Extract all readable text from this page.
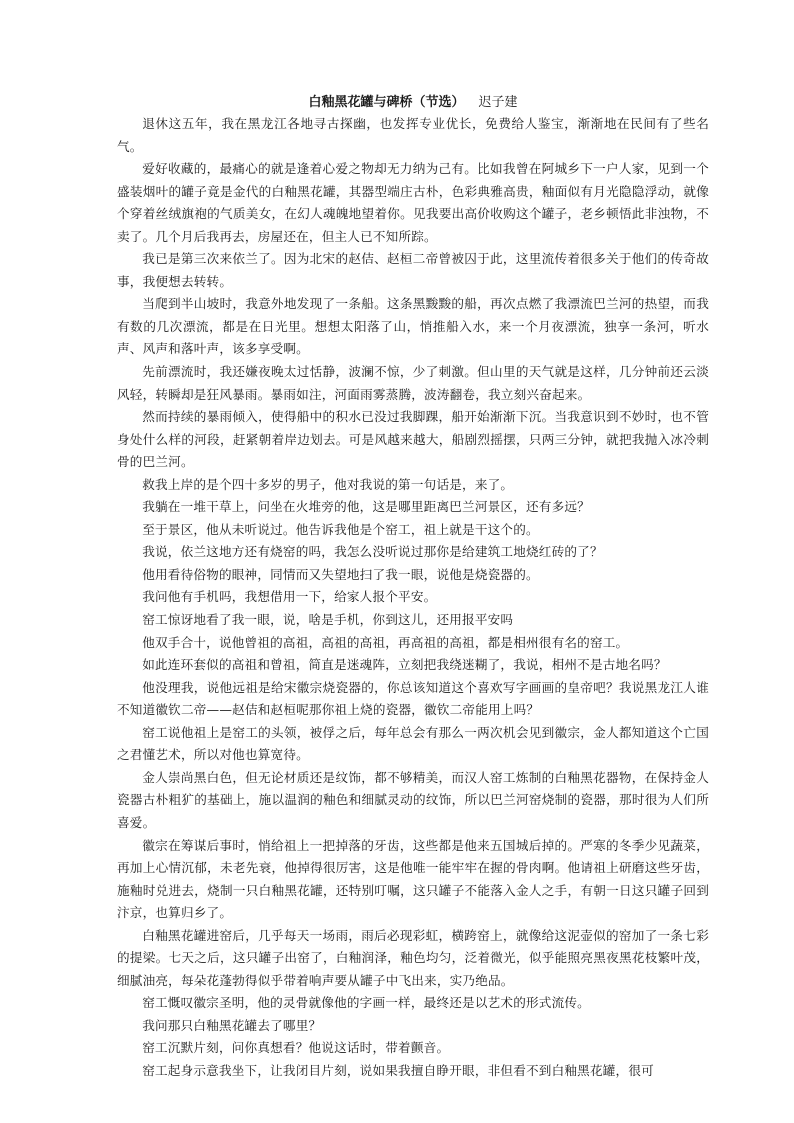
白釉黑花罐与碑桥（节选） 迟子建

退休这五年，我在黑龙江各地寻古探幽，也发挥专业优长，免费给人鉴宝，渐渐地在民间有了些名气。

爱好收藏的，最痛心的就是逢着心爱之物却无力纳为己有。比如我曾在阿城乡下一户人家，见到一个盛装烟叶的罐子竟是金代的白釉黑花罐，其器型端庄古朴，色彩典雅高贵，釉面似有月光隐隐浮动，就像个穿着丝绒旗袍的气质美女，在幻人魂魄地望着你。见我要出高价收购这个罐子，老乡顿悟此非浊物，不卖了。几个月后我再去，房屋还在，但主人已不知所踪。

我已是第三次来依兰了。因为北宋的赵佶、赵桓二帝曾被囚于此，这里流传着很多关于他们的传奇故事，我便想去转转。

当爬到半山坡时，我意外地发现了一条船。这条黑黢黢的船，再次点燃了我漂流巴兰河的热望，而我有数的几次漂流，都是在日光里。想想太阳落了山，悄推船入水，来一个月夜漂流，独享一条河，听水声、风声和落叶声，该多享受啊。

先前漂流时，我还嫌夜晚太过恬静，波澜不惊，少了刺激。但山里的天气就是这样，几分钟前还云淡风轻，转瞬却是狂风暴雨。暴雨如注，河面雨雾蒸腾，波涛翻卷，我立刻兴奋起来。

然而持续的暴雨倾入，使得船中的积水已没过我脚踝，船开始渐渐下沉。当我意识到不妙时，也不管身处什么样的河段，赶紧朝着岸边划去。可是风越来越大，船剧烈摇摆，只两三分钟，就把我抛入冰冷刺骨的巴兰河。

救我上岸的是个四十多岁的男子，他对我说的第一句话是，来了。

我躺在一堆干草上，问坐在火堆旁的他，这是哪里距离巴兰河景区，还有多远？

至于景区，他从未听说过。他告诉我他是个窑工，祖上就是干这个的。

我说，依兰这地方还有烧窑的吗，我怎么没听说过那你是给建筑工地烧红砖的了？

他用看待俗物的眼神，同情而又失望地扫了我一眼，说他是烧瓷器的。

我问他有手机吗，我想借用一下，给家人报个平安。

窑工惊讶地看了我一眼，说，啥是手机，你到这儿，还用报平安吗

他双手合十，说他曾祖的高祖，高祖的高祖，再高祖的高祖，都是相州很有名的窑工。

如此连环套似的高祖和曾祖，简直是迷魂阵，立刻把我绕迷糊了，我说，相州不是古地名吗？

他没理我，说他远祖是给宋徽宗烧瓷器的，你总该知道这个喜欢写字画画的皇帝吧？我说黑龙江人谁不知道徽钦二帝——赵佶和赵桓呢那你祖上烧的瓷器，徽钦二帝能用上吗？

窑工说他祖上是窑工的头领，被俘之后，每年总会有那么一两次机会见到徽宗，金人都知道这个亡国之君懂艺术，所以对他也算宽待。

金人崇尚黑白色，但无论材质还是纹饰，都不够精美，而汉人窑工炼制的白釉黑花器物，在保持金人瓷器古朴粗犷的基础上，施以温润的釉色和细腻灵动的纹饰，所以巴兰河窑烧制的瓷器，那时很为人们所喜爱。

徽宗在筹谋后事时，悄给祖上一把掉落的牙齿，这些都是他来五国城后掉的。严寒的冬季少见蔬菜，再加上心情沉郁，未老先衰，他掉得很厉害，这是他唯一能牢牢在握的骨肉啊。他请祖上研磨这些牙齿，施釉时兑进去，烧制一只白釉黑花罐，还特别叮嘱，这只罐子不能落入金人之手，有朝一日这只罐子回到汴京，也算归乡了。

白釉黑花罐进窑后，几乎每天一场雨，雨后必现彩虹，横跨窑上，就像给这泥壶似的窑加了一条七彩的提梁。七天之后，这只罐子出窑了，白釉润泽，釉色均匀，泛着微光，似乎能照亮黑夜黑花枝繁叶茂，细腻油亮，每朵花蓬勃得似乎带着响声要从罐子中飞出来，实乃绝品。

窑工慨叹徽宗圣明，他的灵骨就像他的字画一样，最终还是以艺术的形式流传。

我问那只白釉黑花罐去了哪里？

窑工沉默片刻，问你真想看？他说这话时，带着颤音。

窑工起身示意我坐下，让我闭目片刻，说如果我擅自睁开眼，非但看不到白釉黑花罐，很可
